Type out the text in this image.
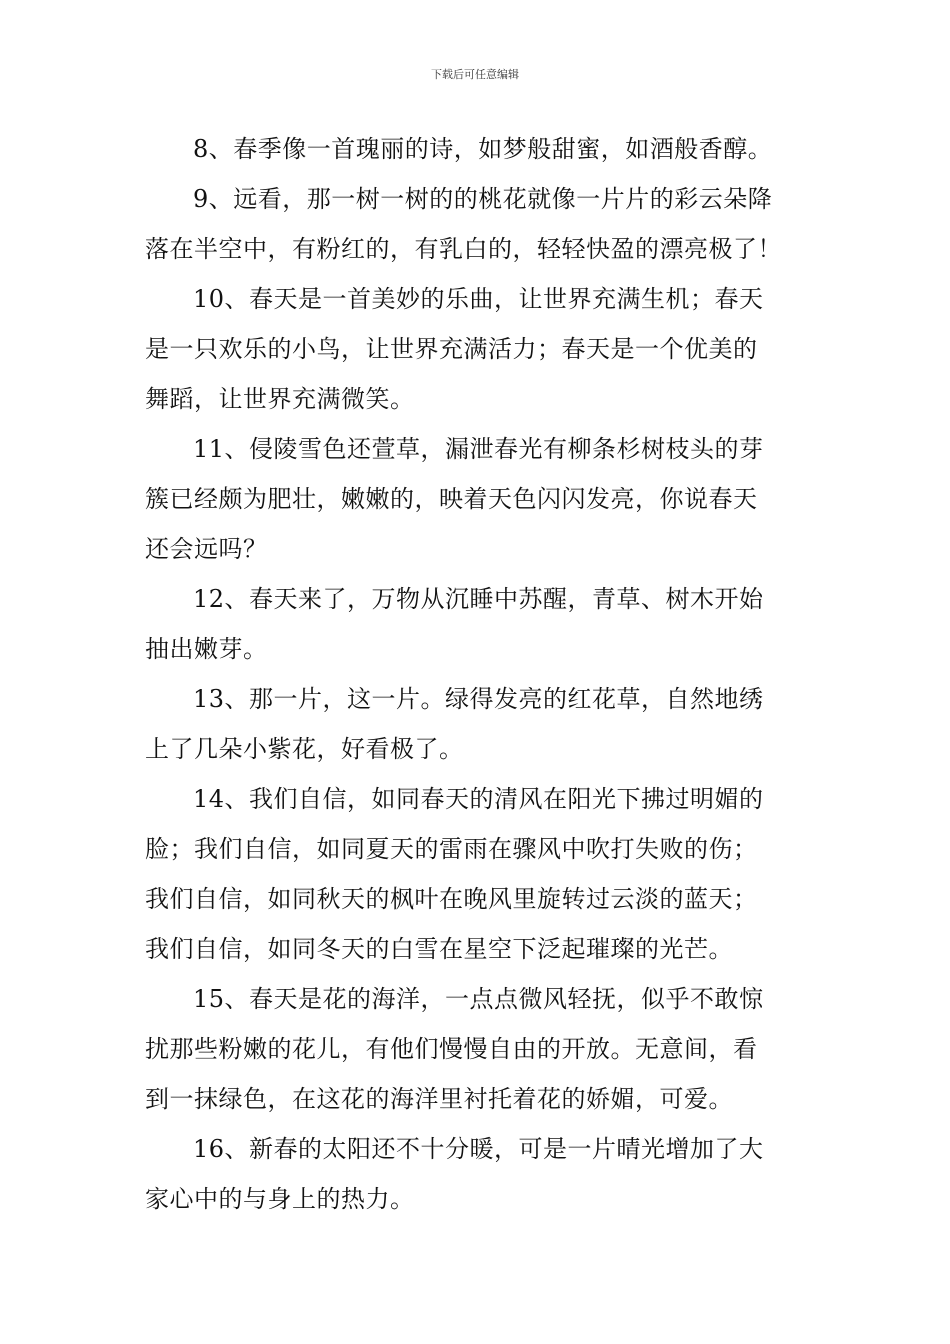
下载后可任意编辑
8、春季像一首瑰丽的诗，如梦般甜蜜，如酒般香醇。
9、远看，那一树一树的的桃花就像一片片的彩云朵降
落在半空中，有粉红的，有乳白的，轻轻快盈的漂亮极了！
10、春天是一首美妙的乐曲，让世界充满生机；春天
是一只欢乐的小鸟，让世界充满活力；春天是一个优美的
舞蹈，让世界充满微笑。
11、侵陵雪色还萱草，漏泄春光有柳条杉树枝头的芽
簇已经颇为肥壮，嫩嫩的，映着天色闪闪发亮，你说春天
还会远吗？
12、春天来了，万物从沉睡中苏醒，青草、树木开始
抽出嫩芽。
13、那一片，这一片。绿得发亮的红花草，自然地绣
上了几朵小紫花，好看极了。
14、我们自信，如同春天的清风在阳光下拂过明媚的
脸；我们自信，如同夏天的雷雨在骤风中吹打失败的伤；
我们自信，如同秋天的枫叶在晚风里旋转过云淡的蓝天；
我们自信，如同冬天的白雪在星空下泛起璀璨的光芒。
15、春天是花的海洋，一点点微风轻抚，似乎不敢惊
扰那些粉嫩的花儿，有他们慢慢自由的开放。无意间，看
到一抹绿色，在这花的海洋里衬托着花的娇媚，可爱。
16、新春的太阳还不十分暖，可是一片晴光增加了大
家心中的与身上的热力。
